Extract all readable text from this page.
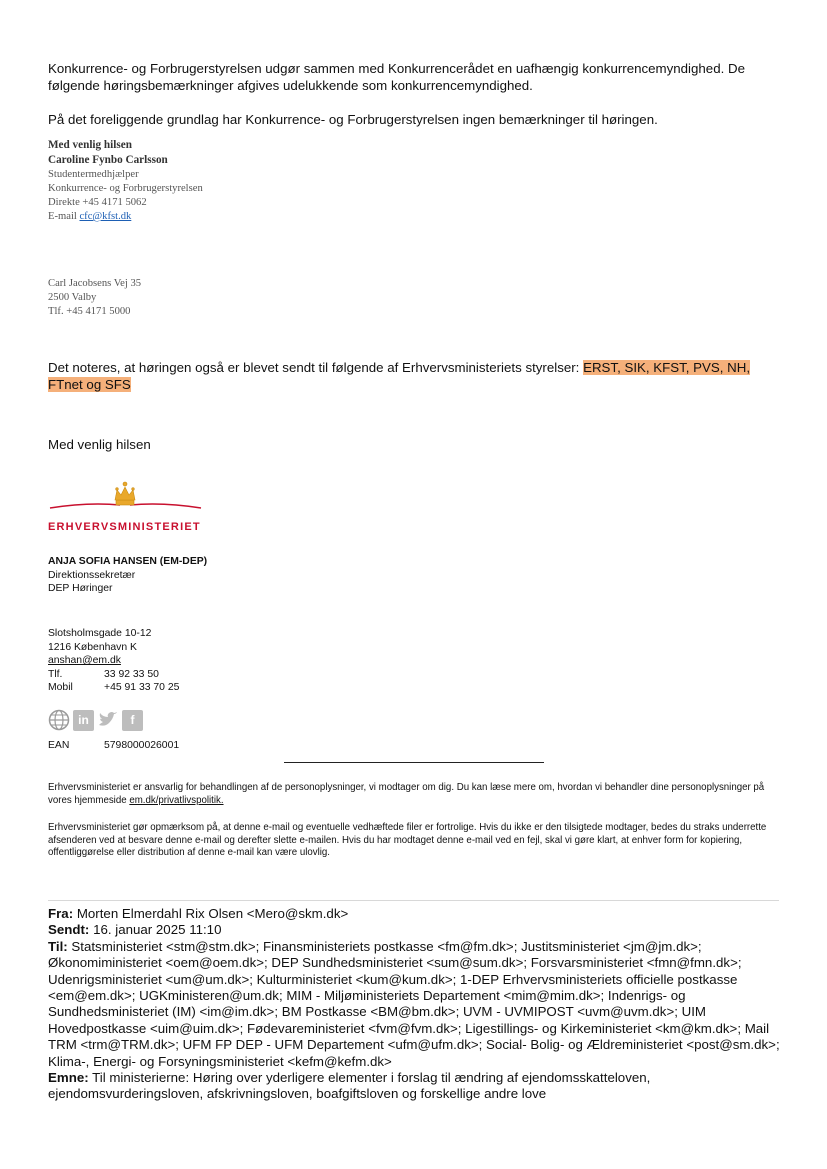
Konkurrence- og Forbrugerstyrelsen udgør sammen med Konkurrencerådet en uafhængig konkurrencemyndighed. De følgende høringsbemærkninger afgives udelukkende som konkurrencemyndighed.

På det foreliggende grundlag har Konkurrence- og Forbrugerstyrelsen ingen bemærkninger til høringen.

Med venlig hilsen
Caroline Fynbo Carlsson
Studentermedhjælper
Konkurrence- og Forbrugerstyrelsen
Direkte +45 4171 5062
E-mail cfc@kfst.dk
Carl Jacobsens Vej 35
2500 Valby
Tlf. +45 4171 5000
Det noteres, at høringen også er blevet sendt til følgende af Erhvervsministeriets styrelser: ERST, SIK, KFST, PVS, NH, FTnet og SFS
Med venlig hilsen
ERHVERVSMINISTERIET
ANJA SOFIA HANSEN (EM-DEP)
Direktionssekretær
DEP Høringer
Slotsholmsgade 10-12
1216 København K
anshan@em.dk
Tlf.	33 92 33 50
Mobil	+45 91 33 70 25
in	f
EAN	5798000026001
Erhvervsministeriet er ansvarlig for behandlingen af de personoplysninger, vi modtager om dig. Du kan læse mere om, hvordan vi behandler dine personoplysninger på vores hjemmeside em.dk/privatlivspolitik.
Erhvervsministeriet gør opmærksom på, at denne e-mail og eventuelle vedhæftede filer er fortrolige. Hvis du ikke er den tilsigtede modtager, bedes du straks underrette afsenderen ved at besvare denne e-mail og derefter slette e-mailen. Hvis du har modtaget denne e-mail ved en fejl, skal vi gøre klart, at enhver form for kopiering, offentliggørelse eller distribution af denne e-mail kan være ulovlig.
Fra: Morten Elmerdahl Rix Olsen <Mero@skm.dk>
Sendt: 16. januar 2025 11:10
Til: Statsministeriet <stm@stm.dk>; Finansministeriets postkasse <fm@fm.dk>; Justitsministeriet <jm@jm.dk>; Økonomiministeriet <oem@oem.dk>; DEP Sundhedsministeriet <sum@sum.dk>; Forsvarsministeriet <fmn@fmn.dk>; Udenrigsministeriet <um@um.dk>; Kulturministeriet <kum@kum.dk>; 1-DEP Erhvervsministeriets officielle postkasse <em@em.dk>; UGKministeren@um.dk; MIM - Miljøministeriets Departement <mim@mim.dk>; Indenrigs- og Sundhedsministeriet (IM) <im@im.dk>; BM Postkasse <BM@bm.dk>; UVM - UVMIPOST <uvm@uvm.dk>; UIM Hovedpostkasse <uim@uim.dk>; Fødevareministeriet <fvm@fvm.dk>; Ligestillings- og Kirkeministeriet <km@km.dk>; Mail TRM <trm@TRM.dk>; UFM FP DEP - UFM Departement <ufm@ufm.dk>; Social- Bolig- og Ældreministeriet <post@sm.dk>; Klima-, Energi- og Forsyningsministeriet <kefm@kefm.dk>
Emne: Til ministerierne: Høring over yderligere elementer i forslag til ændring af ejendomsskatteloven, ejendomsvurderingsloven, afskrivningsloven, boafgiftsloven og forskellige andre love
